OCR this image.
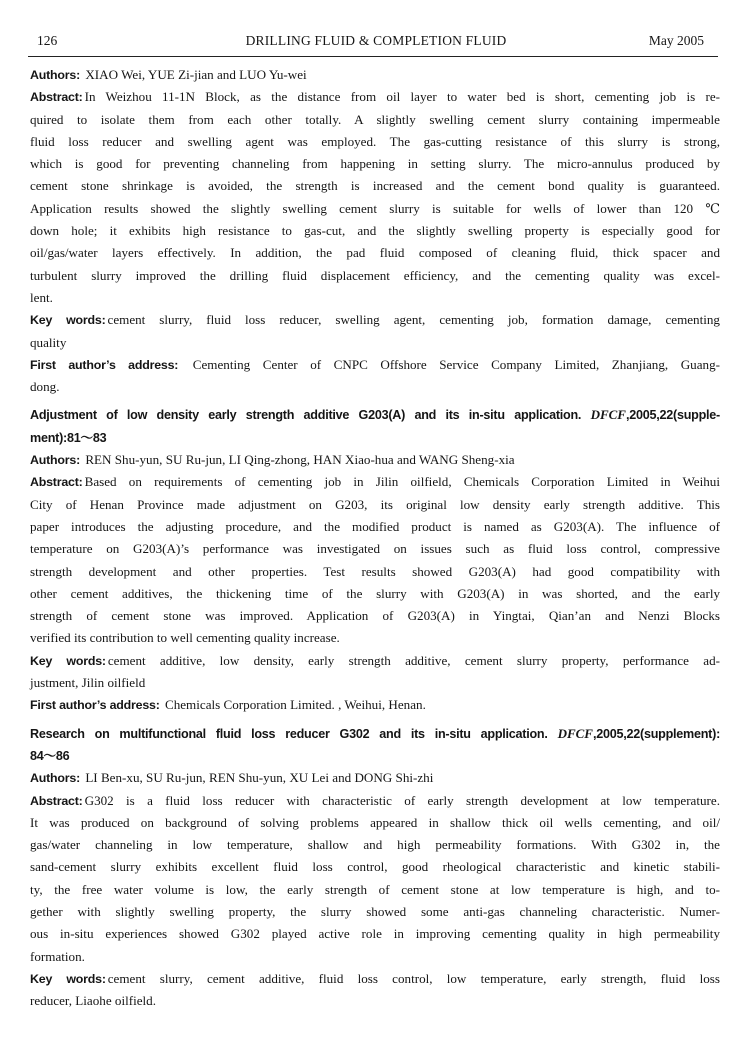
126	DRILLING FLUID & COMPLETION FLUID	May 2005
Authors: XIAO Wei, YUE Zi-jian and LUO Yu-wei
Abstract: In Weizhou 11-1N Block, as the distance from oil layer to water bed is short, cementing job is re-
quired to isolate them from each other totally. A slightly swelling cement slurry containing impermeable
fluid loss reducer and swelling agent was employed. The gas-cutting resistance of this slurry is strong,
which is good for preventing channeling from happening in setting slurry. The micro-annulus produced by
cement stone shrinkage is avoided, the strength is increased and the cement bond quality is guaranteed.
Application results showed the slightly swelling cement slurry is suitable for wells of lower than 120 ℃
down hole; it exhibits high resistance to gas-cut, and the slightly swelling property is especially good for
oil/gas/water layers effectively. In addition, the pad fluid composed of cleaning fluid, thick spacer and
turbulent slurry improved the drilling fluid displacement efficiency, and the cementing quality was excel-
lent.
Key words: cement slurry, fluid loss reducer, swelling agent, cementing job, formation damage, cementing
quality
First author’s address: Cementing Center of CNPC Offshore Service Company Limited, Zhanjiang, Guang-
dong.
Adjustment of low density early strength additive G203(A) and its in-situ application. DFCF,2005,22(supple-
ment):81～83
Authors: REN Shu-yun, SU Ru-jun, LI Qing-zhong, HAN Xiao-hua and WANG Sheng-xia
Abstract: Based on requirements of cementing job in Jilin oilfield, Chemicals Corporation Limited in Weihui
City of Henan Province made adjustment on G203, its original low density early strength additive. This
paper introduces the adjusting procedure, and the modified product is named as G203(A). The influence of
temperature on G203(A)’s performance was investigated on issues such as fluid loss control, compressive
strength development and other properties. Test results showed G203(A) had good compatibility with
other cement additives, the thickening time of the slurry with G203(A) in was shorted, and the early
strength of cement stone was improved. Application of G203(A) in Yingtai, Qian’an and Nenzi Blocks
verified its contribution to well cementing quality increase.
Key words: cement additive, low density, early strength additive, cement slurry property, performance ad-
justment, Jilin oilfield
First author’s address: Chemicals Corporation Limited. , Weihui, Henan.
Research on multifunctional fluid loss reducer G302 and its in-situ application. DFCF,2005,22(supplement):
84～86
Authors: LI Ben-xu, SU Ru-jun, REN Shu-yun, XU Lei and DONG Shi-zhi
Abstract: G302 is a fluid loss reducer with characteristic of early strength development at low temperature.
It was produced on background of solving problems appeared in shallow thick oil wells cementing, and oil/
gas/water channeling in low temperature, shallow and high permeability formations. With G302 in, the
sand-cement slurry exhibits excellent fluid loss control, good rheological characteristic and kinetic stabili-
ty, the free water volume is low, the early strength of cement stone at low temperature is high, and to-
gether with slightly swelling property, the slurry showed some anti-gas channeling characteristic. Numer-
ous in-situ experiences showed G302 played active role in improving cementing quality in high permeability
formation.
Key words: cement slurry, cement additive, fluid loss control, low temperature, early strength, fluid loss
reducer, Liaohe oilfield.
